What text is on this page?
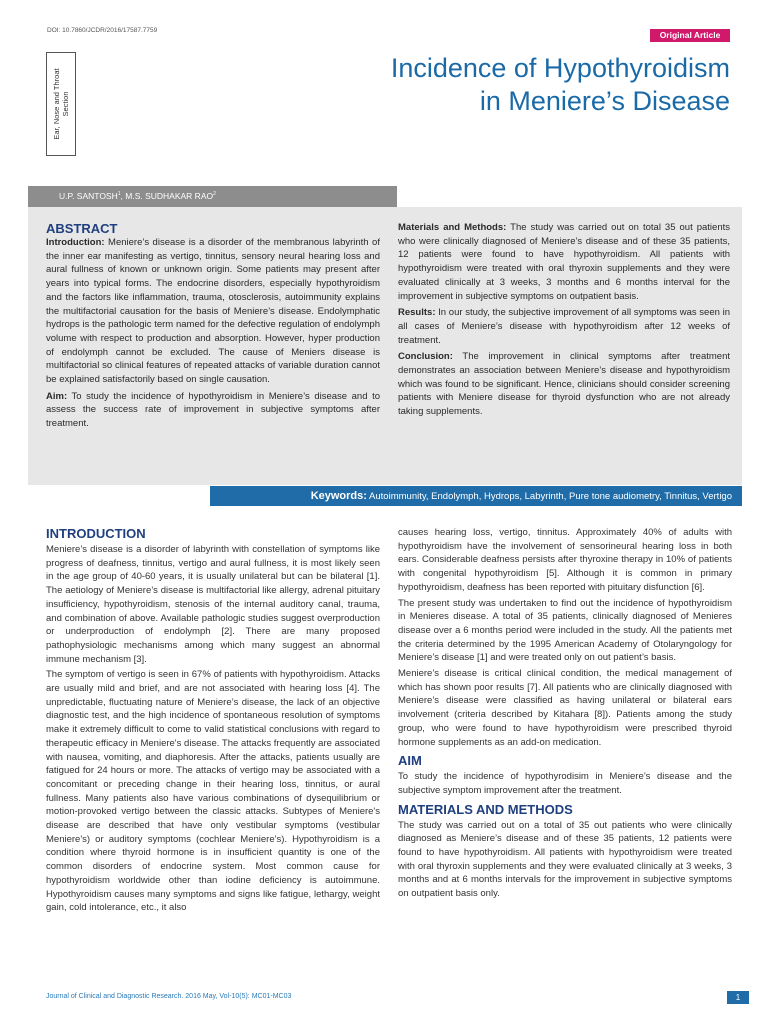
DOI: 10.7860/JCDR/2016/17587.7759	Original Article
Ear, Nose and Throat Section
Incidence of Hypothyroidism
in Meniere’s Disease
U.P. SANTOSH$^1$, M.S. SUDHAKAR RAO$^2$
ABSTRACT
Introduction: Meniere’s disease is a disorder of the membranous labyrinth of the inner ear manifesting as vertigo, tinnitus, sensory neural hearing loss and aural fullness of known or unknown origin. Some patients may present after years into typical forms. The endocrine disorders, especially hypothyroidism and the factors like inflammation, trauma, otosclerosis, autoimmunity explains the multifactorial causation for the basis of Meniere’s disease. Endolymphatic hydrops is the pathologic term named for the defective regulation of endolymph volume with respect to production and absorption. However, hyper production of endolymph cannot be excluded. The cause of Meniers disease is multifactorial so clinical features of repeated attacks of variable duration cannot be explained satisfactorily based on single causation.
Aim: To study the incidence of hypothyroidism in Meniere’s disease and to assess the success rate of improvement in subjective symptoms after treatment.
Materials and Methods: The study was carried out on total 35 out patients who were clinically diagnosed of Meniere’s disease and of these 35 patients, 12 patients were found to have hypothyroidism. All patients with hypothyroidism were treated with oral thyroxin supplements and they were evaluated clinically at 3 weeks, 3 months and 6 months interval for the improvement in subjective symptoms on outpatient basis.
Results: In our study, the subjective improvement of all symptoms was seen in all cases of Meniere’s disease with hypothyroidism after 12 weeks of treatment.
Conclusion: The improvement in clinical symptoms after treatment demonstrates an association between Meniere’s disease and hypothyroidism which was found to be significant. Hence, clinicians should consider screening patients with Meniere disease for thyroid dysfunction who are not already taking supplements.
Keywords: Autoimmunity, Endolymph, Hydrops, Labyrinth, Pure tone audiometry, Tinnitus, Vertigo
INTRODUCTION

Meniere’s disease is a disorder of labyrinth with constellation of symptoms like progress of deafness, tinnitus, vertigo and aural fullness, it is most likely seen in the age group of 40-60 years, it is usually unilateral but can be bilateral [1]. The aetiology of Meniere’s disease is multifactorial like allergy, adrenal pituitary insufficiency, hypothyroidism, stenosis of the internal auditory canal, trauma, and combination of above. Available pathologic studies suggest overproduction or underproduction of endolymph [2]. There are many proposed pathophysiologic mechanisms among which many suggest an abnormal immune mechanism [3].

The symptom of vertigo is seen in 67% of patients with hypothyroidism. Attacks are usually mild and brief, and are not associated with hearing loss [4]. The unpredictable, fluctuating nature of Meniere’s disease, the lack of an objective diagnostic test, and the high incidence of spontaneous resolution of symptoms make it extremely difficult to come to valid statistical conclusions with regard to therapeutic efficacy in Meniere's disease. The attacks frequently are associated with nausea, vomiting, and diaphoresis. After the attacks, patients usually are fatigued for 24 hours or more. The attacks of vertigo may be associated with a concomitant or preceding change in their hearing loss, tinnitus, or aural fullness. Many patients also have various combinations of dysequilibrium or motion-provoked vertigo between the classic attacks. Subtypes of Meniere's disease are described that have only vestibular symptoms (vestibular Meniere's) or auditory symptoms (cochlear Meniere's). Hypothyroidism is a condition where thyroid hormone is in insufficient quantity is one of the common disorders of endocrine system. Most common cause for hypothyroidism worldwide other than iodine deficiency is autoimmune. Hypothyroidism causes many symptoms and signs like fatigue, lethargy, weight gain, cold intolerance, etc., it also

causes hearing loss, vertigo, tinnitus. Approximately 40% of adults with hypothyroidism have the involvement of sensorineural hearing loss in both ears. Considerable deafness persists after thyroxine therapy in 10% of patients with congenital hypothyroidism [5]. Although it is common in primary hypothyroidism, deafness has been reported with pituitary disfunction [6].

The present study was undertaken to find out the incidence of hypothyroidism in Menieres disease. A total of 35 patients, clinically diagnosed of Menieres disease over a 6 months period were included in the study. All the patients met the criteria determined by the 1995 American Academy of Otolaryngology for Meniere’s disease [1] and were treated only on out patient’s basis.

Meniere’s disease is critical clinical condition, the medical management of which has shown poor results [7]. All patients who are clinically diagnosed with Meniere’s disease were classified as having unilateral or bilateral ears involvement (criteria described by Kitahara [8]). Patients among the study group, who were found to have hypothyroidism were prescribed thyroid hormone supplements as an add-on medication.

AIM

To study the incidence of hypothyrodisim in Meniere’s disease and the subjective symptom improvement after the treatment.

MATERIALS AND METHODS

The study was carried out on a total of 35 out patients who were clinically diagnosed as Meniere’s disease and of these 35 patients, 12 patients were found to have hypothyroidism. All patients with hypothyroidism were treated with oral thyroxin supplements and they were evaluated clinically at 3 weeks, 3 months and at 6 months intervals for the improvement in subjective symptoms on outpatient basis only.

Journal of Clinical and Diagnostic Research. 2016 May, Vol-10(5): MC01-MC03	1
